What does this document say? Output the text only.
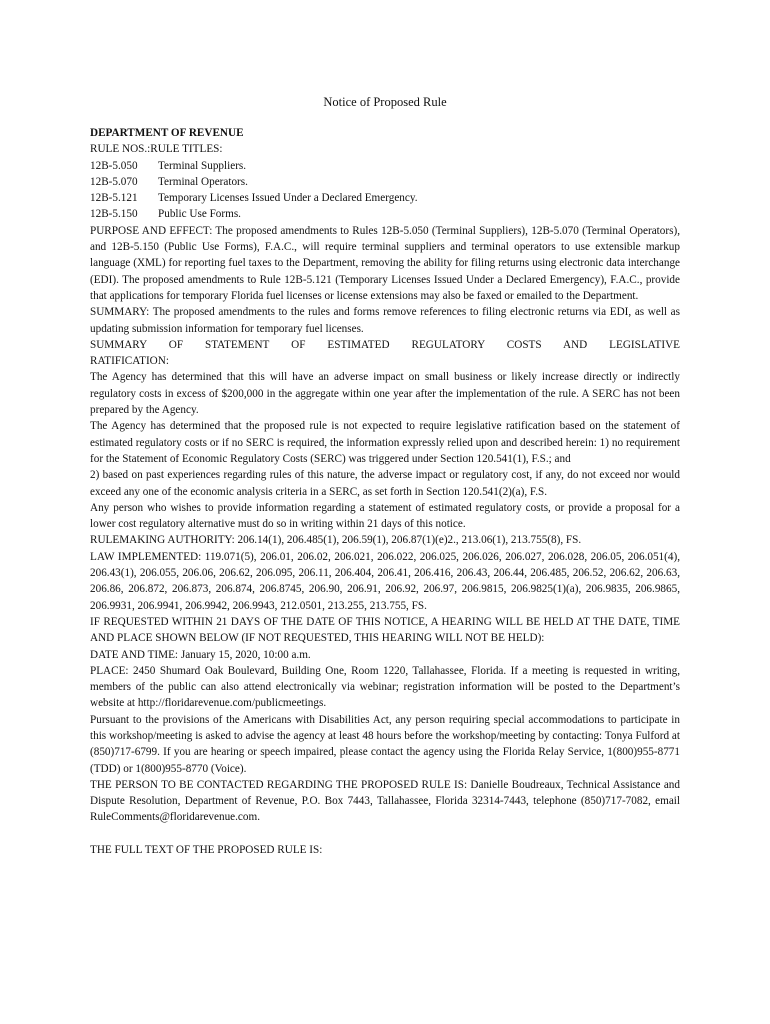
Notice of Proposed Rule

DEPARTMENT OF REVENUE

RULE NOS.:RULE TITLES:

12B-5.050	Terminal Suppliers.
12B-5.070	Terminal Operators.
12B-5.121	Temporary Licenses Issued Under a Declared Emergency.
12B-5.150	Public Use Forms.

PURPOSE AND EFFECT: The proposed amendments to Rules 12B-5.050 (Terminal Suppliers), 12B-5.070 (Terminal Operators), and 12B-5.150 (Public Use Forms), F.A.C., will require terminal suppliers and terminal operators to use extensible markup language (XML) for reporting fuel taxes to the Department, removing the ability for filing returns using electronic data interchange (EDI). The proposed amendments to Rule 12B-5.121 (Temporary Licenses Issued Under a Declared Emergency), F.A.C., provide that applications for temporary Florida fuel licenses or license extensions may also be faxed or emailed to the Department.

SUMMARY: The proposed amendments to the rules and forms remove references to filing electronic returns via EDI, as well as updating submission information for temporary fuel licenses.

SUMMARY OF STATEMENT OF ESTIMATED REGULATORY COSTS AND LEGISLATIVE

RATIFICATION:

The Agency has determined that this will have an adverse impact on small business or likely increase directly or indirectly regulatory costs in excess of $200,000 in the aggregate within one year after the implementation of the rule. A SERC has not been prepared by the Agency.

The Agency has determined that the proposed rule is not expected to require legislative ratification based on the statement of estimated regulatory costs or if no SERC is required, the information expressly relied upon and described herein: 1) no requirement for the Statement of Economic Regulatory Costs (SERC) was triggered under Section 120.541(1), F.S.; and

2) based on past experiences regarding rules of this nature, the adverse impact or regulatory cost, if any, do not exceed nor would exceed any one of the economic analysis criteria in a SERC, as set forth in Section 120.541(2)(a), F.S.

Any person who wishes to provide information regarding a statement of estimated regulatory costs, or provide a proposal for a lower cost regulatory alternative must do so in writing within 21 days of this notice.

RULEMAKING AUTHORITY: 206.14(1), 206.485(1), 206.59(1), 206.87(1)(e)2., 213.06(1), 213.755(8), FS.

LAW IMPLEMENTED: 119.071(5), 206.01, 206.02, 206.021, 206.022, 206.025, 206.026, 206.027, 206.028, 206.05, 206.051(4), 206.43(1), 206.055, 206.06, 206.62, 206.095, 206.11, 206.404, 206.41, 206.416, 206.43, 206.44, 206.485, 206.52, 206.62, 206.63, 206.86, 206.872, 206.873, 206.874, 206.8745, 206.90, 206.91, 206.92, 206.97, 206.9815, 206.9825(1)(a), 206.9835, 206.9865, 206.9931, 206.9941, 206.9942, 206.9943, 212.0501, 213.255, 213.755, FS.

IF REQUESTED WITHIN 21 DAYS OF THE DATE OF THIS NOTICE, A HEARING WILL BE HELD AT THE DATE, TIME AND PLACE SHOWN BELOW (IF NOT REQUESTED, THIS HEARING WILL NOT BE HELD):

DATE AND TIME: January 15, 2020, 10:00 a.m.

PLACE: 2450 Shumard Oak Boulevard, Building One, Room 1220, Tallahassee, Florida. If a meeting is requested in writing, members of the public can also attend electronically via webinar; registration information will be posted to the Department’s website at http://floridarevenue.com/publicmeetings.

Pursuant to the provisions of the Americans with Disabilities Act, any person requiring special accommodations to participate in this workshop/meeting is asked to advise the agency at least 48 hours before the workshop/meeting by contacting: Tonya Fulford at (850)717-6799. If you are hearing or speech impaired, please contact the agency using the Florida Relay Service, 1(800)955-8771 (TDD) or 1(800)955-8770 (Voice).

THE PERSON TO BE CONTACTED REGARDING THE PROPOSED RULE IS: Danielle Boudreaux, Technical Assistance and Dispute Resolution, Department of Revenue, P.O. Box 7443, Tallahassee, Florida 32314-7443, telephone (850)717-7082, email RuleComments@floridarevenue.com.

THE FULL TEXT OF THE PROPOSED RULE IS:
